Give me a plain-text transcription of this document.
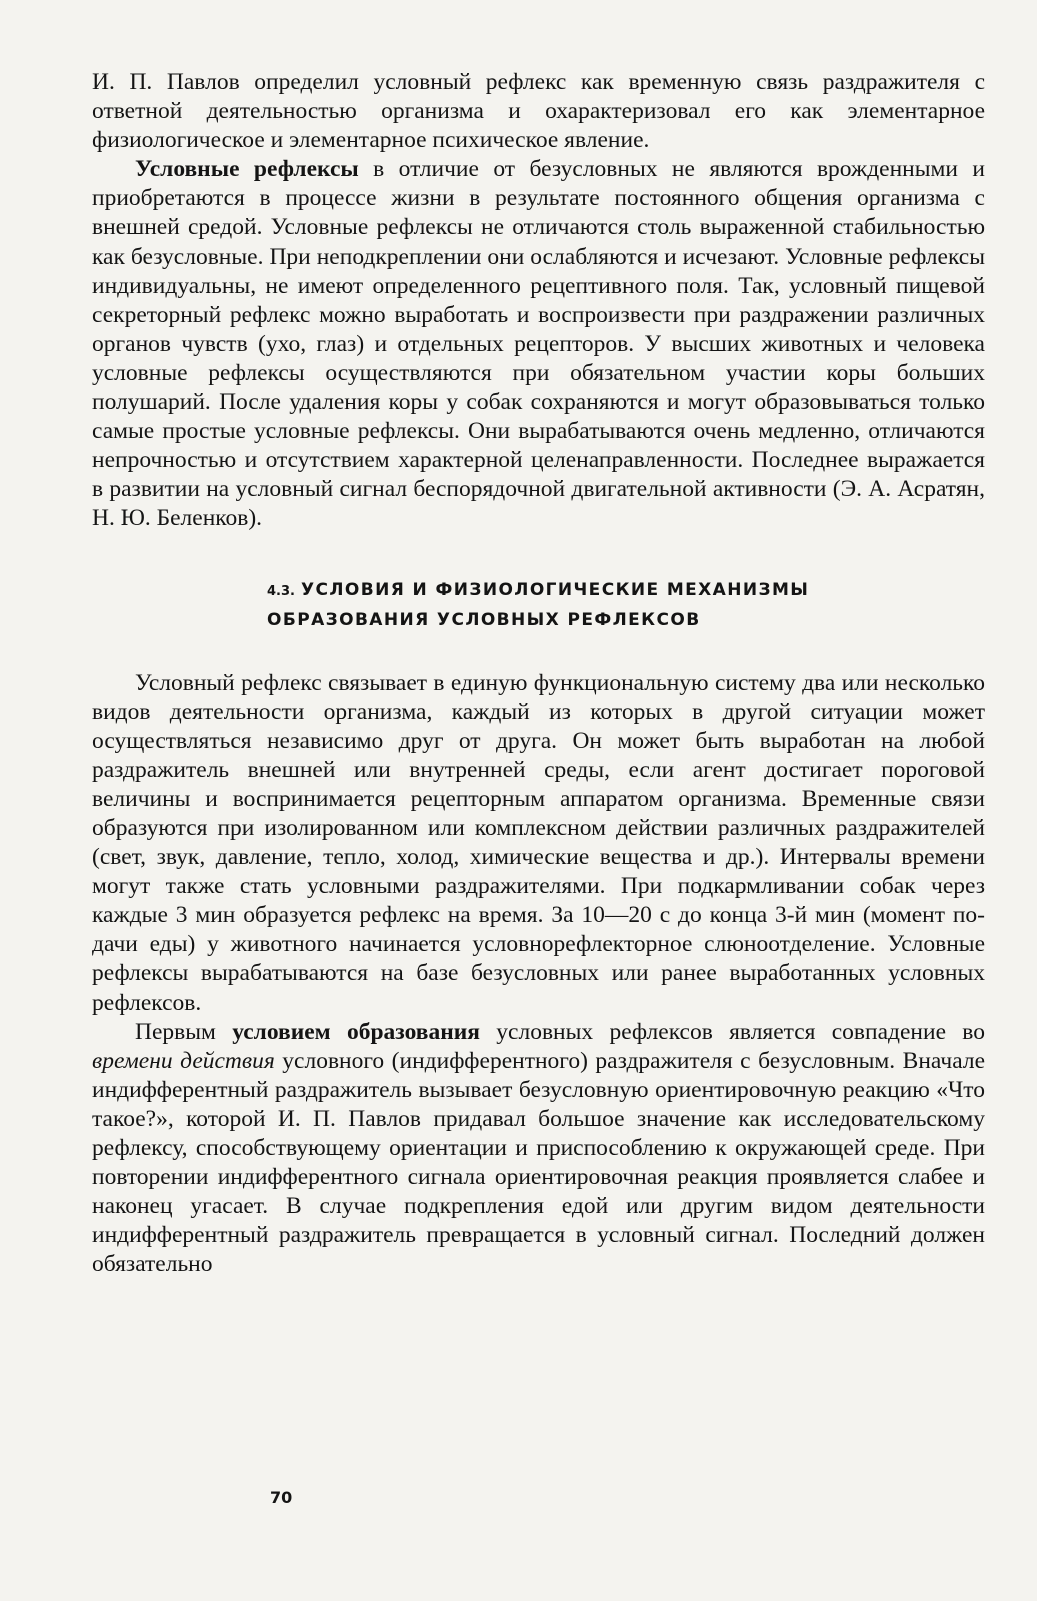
И. П. Павлов определил условный рефлекс как временную связь раздражителя с ответной деятельностью организма и охарактеризовал его как элементарное физиологическое и элементарное психическое явление.

Условные рефлексы в отличие от безусловных не являются врожденными и приобретаются в процессе жизни в результате постоянного общения организма с внешней средой. Условные рефлексы не отличаются столь выраженной стабильностью как безусловные. При неподкреплении они ослабляются и исчезают. Условные рефлексы индивидуальны, не имеют определенного рецептивного поля. Так, условный пищевой секреторный рефлекс можно выработать и воспроизвести при раздражении различных органов чувств (ухо, глаз) и отдельных рецепторов. У высших животных и человека условные рефлексы осуществляются при обязательном участии коры больших полушарий. После удаления коры у собак сохраняются и могут образовываться только самые простые условные рефлексы. Они вырабатываются очень медленно, отличаются непрочностью и отсутствием характерной целенаправленности. Последнее выражается в развитии на условный сигнал беспорядочной двигательной активности (Э. А. Асратян, Н. Ю. Беленков).

4.3. УСЛОВИЯ И ФИЗИОЛОГИЧЕСКИЕ МЕХАНИЗМЫ
ОБРАЗОВАНИЯ УСЛОВНЫХ РЕФЛЕКСОВ

Условный рефлекс связывает в единую функциональную систему два или несколько видов деятельности организма, каждый из которых в другой ситуации может осуществляться независимо друг от друга. Он может быть выработан на любой раздражитель внешней или внутренней среды, если агент достигает пороговой величины и воспринимается рецепторным аппаратом организма. Временные связи образуются при изолированном или комплексном действии различных раздражителей (свет, звук, давление, тепло, холод, химические вещества и др.). Интервалы времени могут также стать условными раздражителями. При подкармливании собак через каждые 3 мин образуется рефлекс на время. За 10—20 с до конца 3-й мин (момент подачи еды) у животного начинается условнорефлекторное слюноотделение. Условные рефлексы вырабатываются на базе безусловных или ранее выработанных условных рефлексов.

Первым условием образования условных рефлексов является совпадение во времени действия условного (индифферентного) раздражителя с безусловным. Вначале индифферентный раздражитель вызывает безусловную ориентировочную реакцию «Что такое?», которой И. П. Павлов придавал большое значение как исследовательскому рефлексу, способствующему ориентации и приспособлению к окружающей среде. При повторении индифферентного сигнала ориентировочная реакция проявляется слабее и наконец угасает. В случае подкрепления едой или другим видом деятельности индифферентный раздражитель превращается в условный сигнал. Последний должен обязательно

70
